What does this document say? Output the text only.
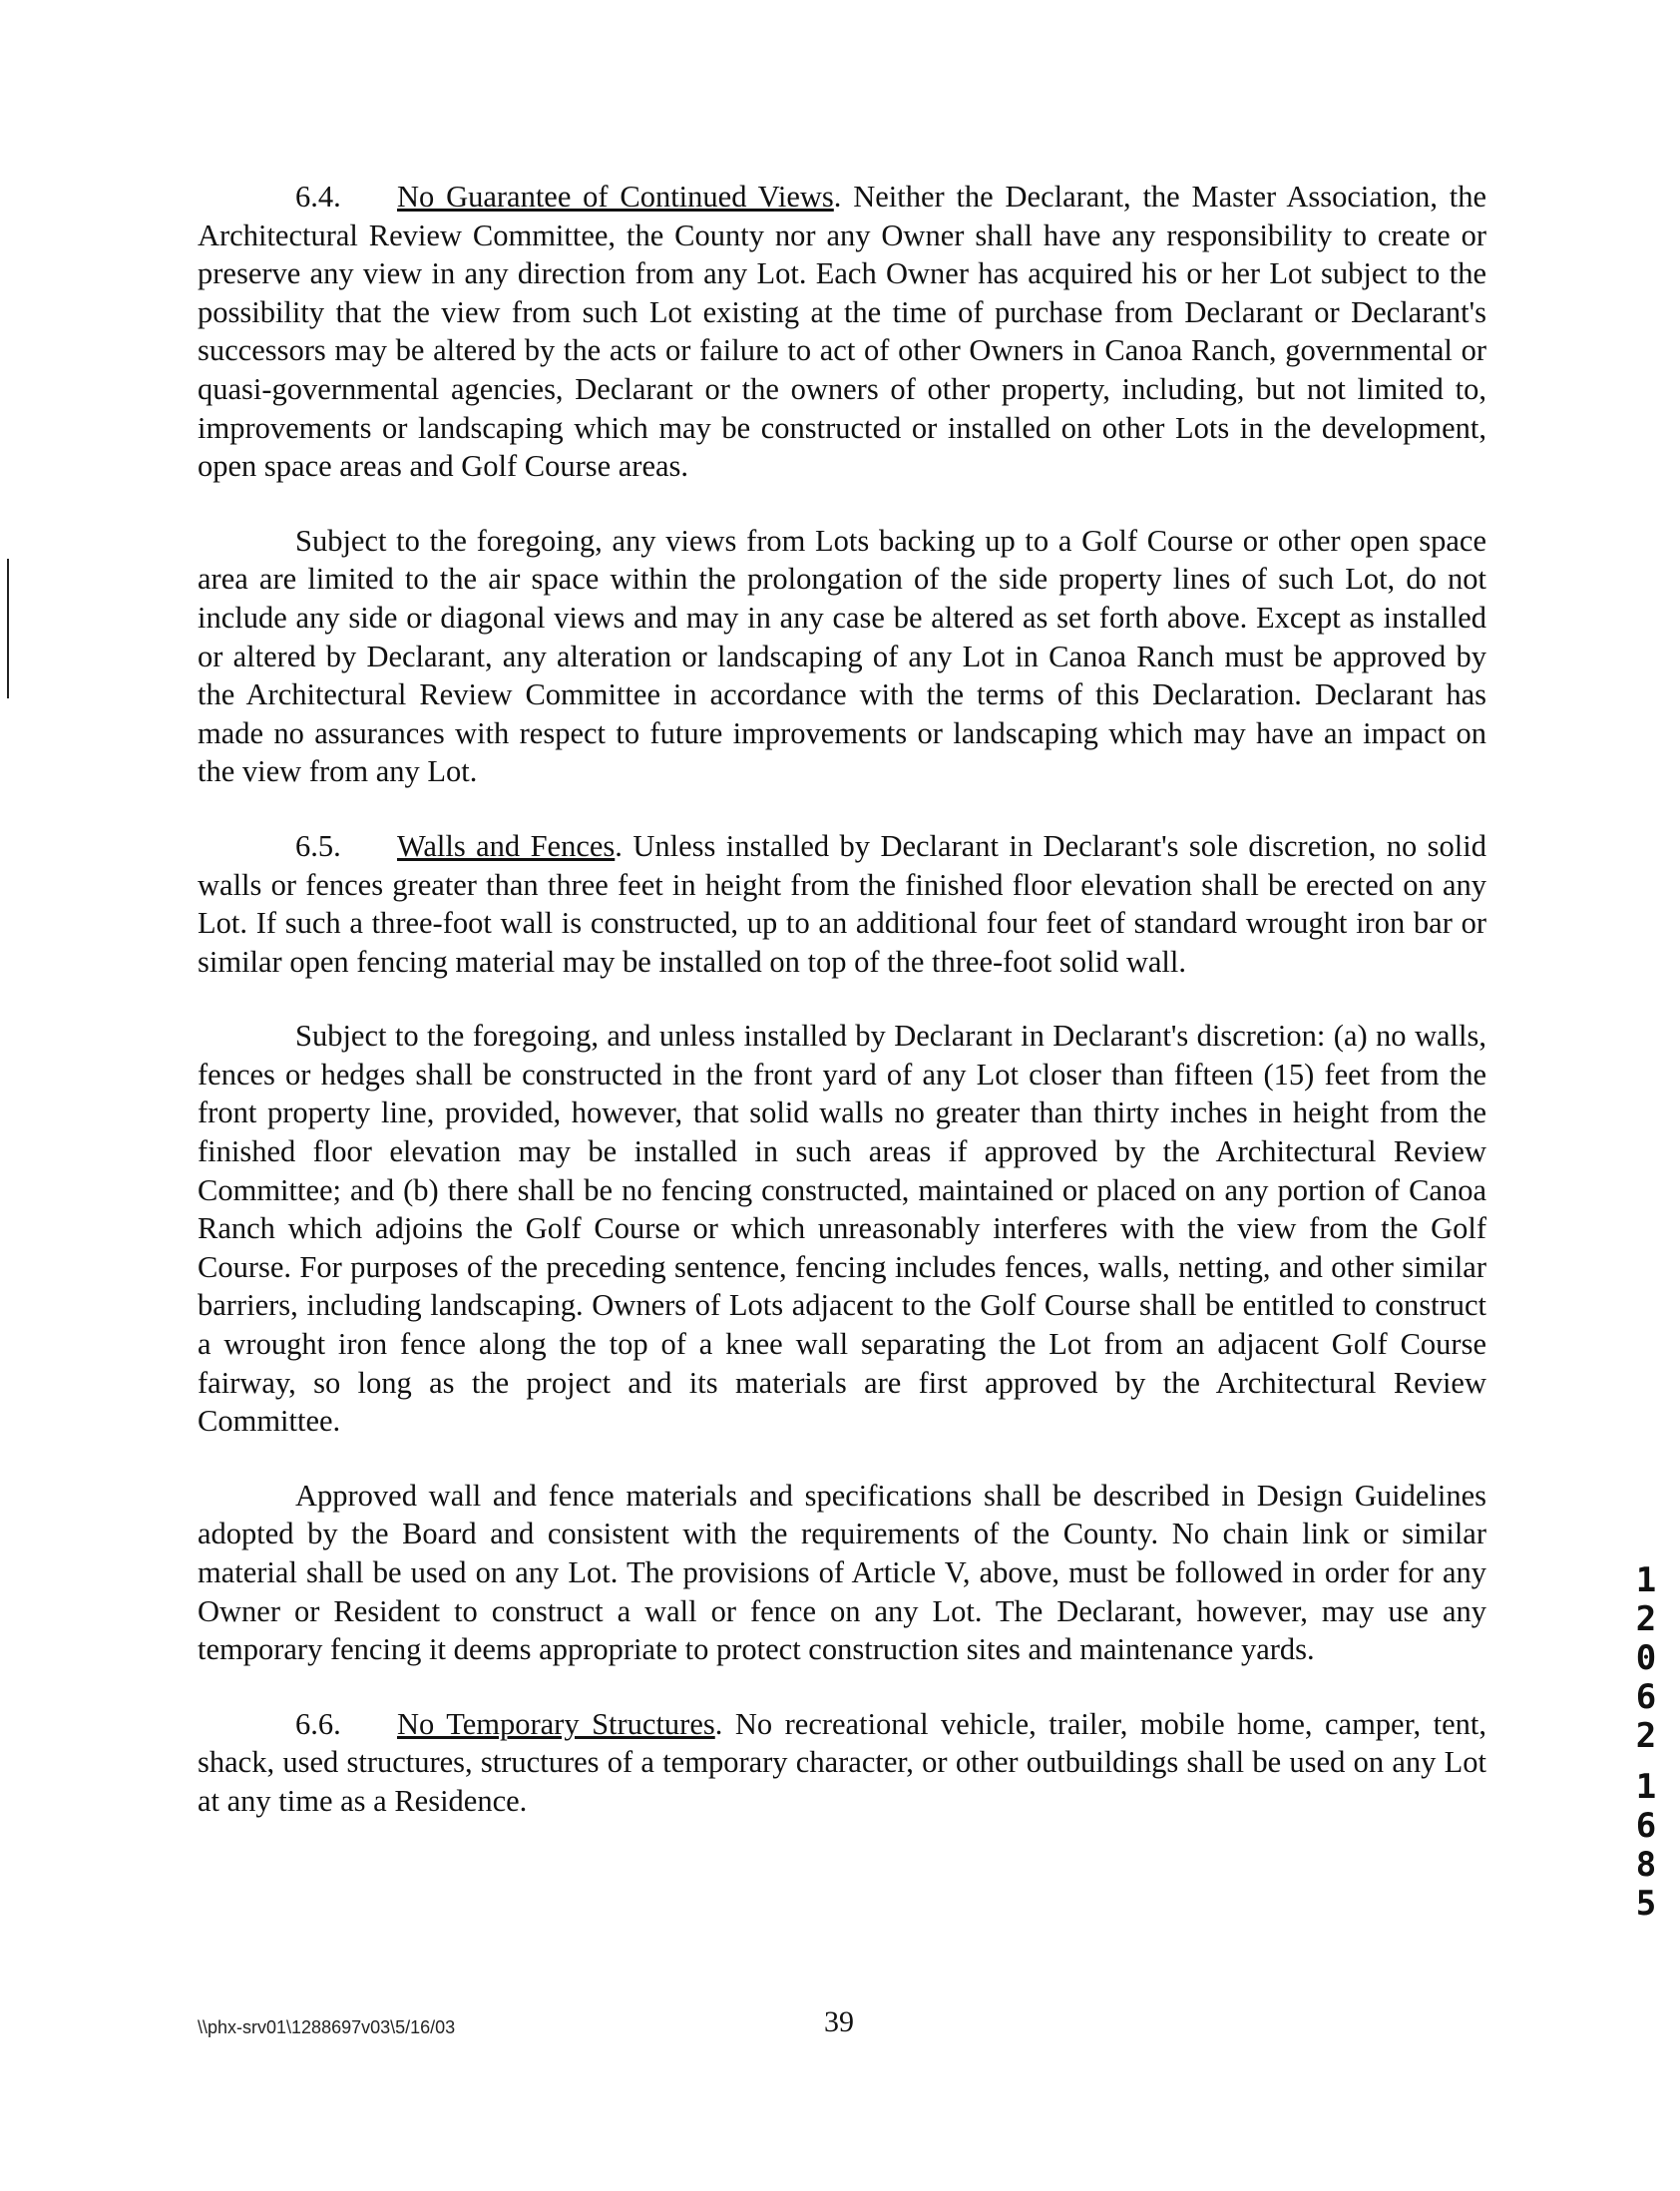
6.4. No Guarantee of Continued Views. Neither the Declarant, the Master Association, the Architectural Review Committee, the County nor any Owner shall have any responsibility to create or preserve any view in any direction from any Lot. Each Owner has acquired his or her Lot subject to the possibility that the view from such Lot existing at the time of purchase from Declarant or Declarant's successors may be altered by the acts or failure to act of other Owners in Canoa Ranch, governmental or quasi-governmental agencies, Declarant or the owners of other property, including, but not limited to, improvements or landscaping which may be constructed or installed on other Lots in the development, open space areas and Golf Course areas.

Subject to the foregoing, any views from Lots backing up to a Golf Course or other open space area are limited to the air space within the prolongation of the side property lines of such Lot, do not include any side or diagonal views and may in any case be altered as set forth above. Except as installed or altered by Declarant, any alteration or landscaping of any Lot in Canoa Ranch must be approved by the Architectural Review Committee in accordance with the terms of this Declaration. Declarant has made no assurances with respect to future improvements or landscaping which may have an impact on the view from any Lot.

6.5. Walls and Fences. Unless installed by Declarant in Declarant's sole discretion, no solid walls or fences greater than three feet in height from the finished floor elevation shall be erected on any Lot. If such a three-foot wall is constructed, up to an additional four feet of standard wrought iron bar or similar open fencing material may be installed on top of the three-foot solid wall.

Subject to the foregoing, and unless installed by Declarant in Declarant's discretion: (a) no walls, fences or hedges shall be constructed in the front yard of any Lot closer than fifteen (15) feet from the front property line, provided, however, that solid walls no greater than thirty inches in height from the finished floor elevation may be installed in such areas if approved by the Architectural Review Committee; and (b) there shall be no fencing constructed, maintained or placed on any portion of Canoa Ranch which adjoins the Golf Course or which unreasonably interferes with the view from the Golf Course. For purposes of the preceding sentence, fencing includes fences, walls, netting, and other similar barriers, including landscaping. Owners of Lots adjacent to the Golf Course shall be entitled to construct a wrought iron fence along the top of a knee wall separating the Lot from an adjacent Golf Course fairway, so long as the project and its materials are first approved by the Architectural Review Committee.

Approved wall and fence materials and specifications shall be described in Design Guidelines adopted by the Board and consistent with the requirements of the County. No chain link or similar material shall be used on any Lot. The provisions of Article V, above, must be followed in order for any Owner or Resident to construct a wall or fence on any Lot. The Declarant, however, may use any temporary fencing it deems appropriate to protect construction sites and maintenance yards.

6.6. No Temporary Structures. No recreational vehicle, trailer, mobile home, camper, tent, shack, used structures, structures of a temporary character, or other outbuildings shall be used on any Lot at any time as a Residence.

1
2
0
6
2
1
6
8
5
\\phx-srv01\1288697v03\5/16/03	39
